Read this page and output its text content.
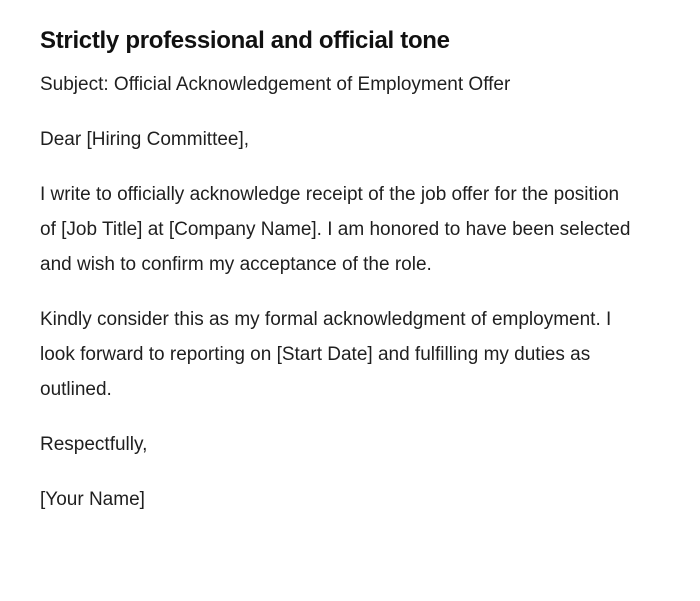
Strictly professional and official tone

Subject: Official Acknowledgement of Employment Offer

Dear [Hiring Committee],

I write to officially acknowledge receipt of the job offer for the position of [Job Title] at [Company Name]. I am honored to have been selected and wish to confirm my acceptance of the role.

Kindly consider this as my formal acknowledgment of employment. I look forward to reporting on [Start Date] and fulfilling my duties as outlined.

Respectfully,

[Your Name]
